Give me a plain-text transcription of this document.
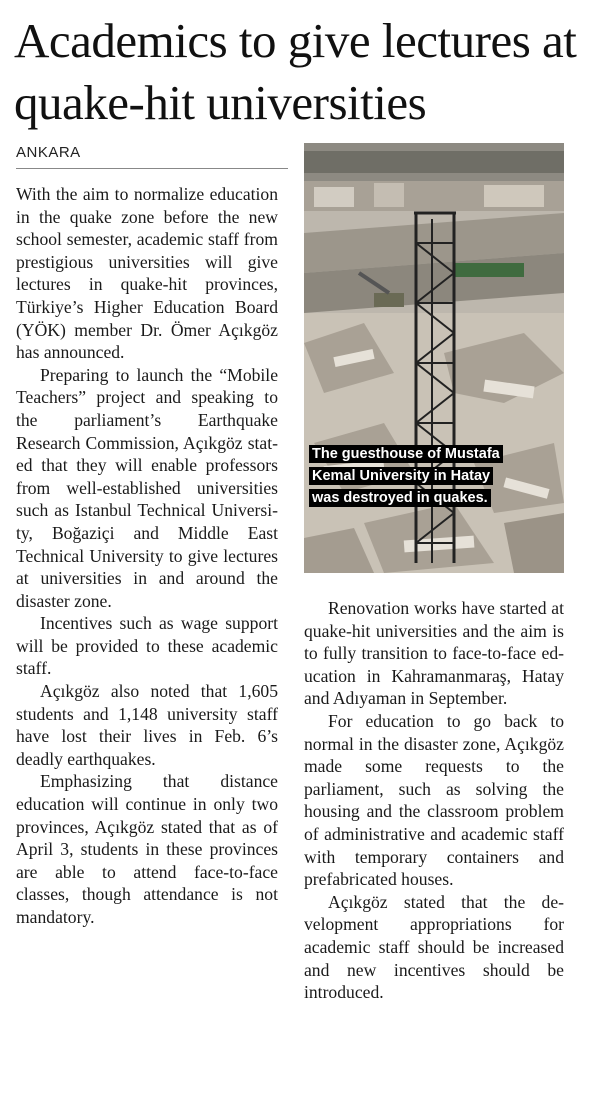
Academics to give lectures at quake-hit universities
ANKARA

With the aim to normalize education in the quake zone before the new school semester, academic staff from prestigious universities will give lectures in quake-hit provinces, Türkiye’s Higher Education Board (YÖK) member Dr. Ömer Açıkgöz has announced.

Preparing to launch the “Mobile Teachers” project and speaking to the parliament’s Earthquake Research Commission, Açıkgöz stated that they will enable professors from well-established universities such as Istanbul Technical University, Boğaziçi and Middle East Technical University to give lectures at universities in and around the disaster zone.

Incentives such as wage support will be provided to these academic staff.

Açıkgöz also noted that 1,605 students and 1,148 university staff have lost their lives in Feb. 6’s deadly earthquakes.

Emphasizing that distance education will continue in only two provinces, Açıkgöz stated that as of April 3, students in these provinces are able to attend face-to-face classes, though attendance is not mandatory.

The guesthouse of Mustafa Kemal University in Hatay was destroyed in quakes.

Renovation works have started at quake-hit universities and the aim is to fully transition to face-to-face education in Kahramanmaraş, Hatay and Adıyaman in September.

For education to go back to normal in the disaster zone, Açıkgöz made some requests to the parliament, such as solving the housing and the classroom problem of administrative and academic staff with temporary containers and prefabricated houses.

Açıkgöz stated that the development appropriations for academic staff should be increased and new incentives should be introduced.
